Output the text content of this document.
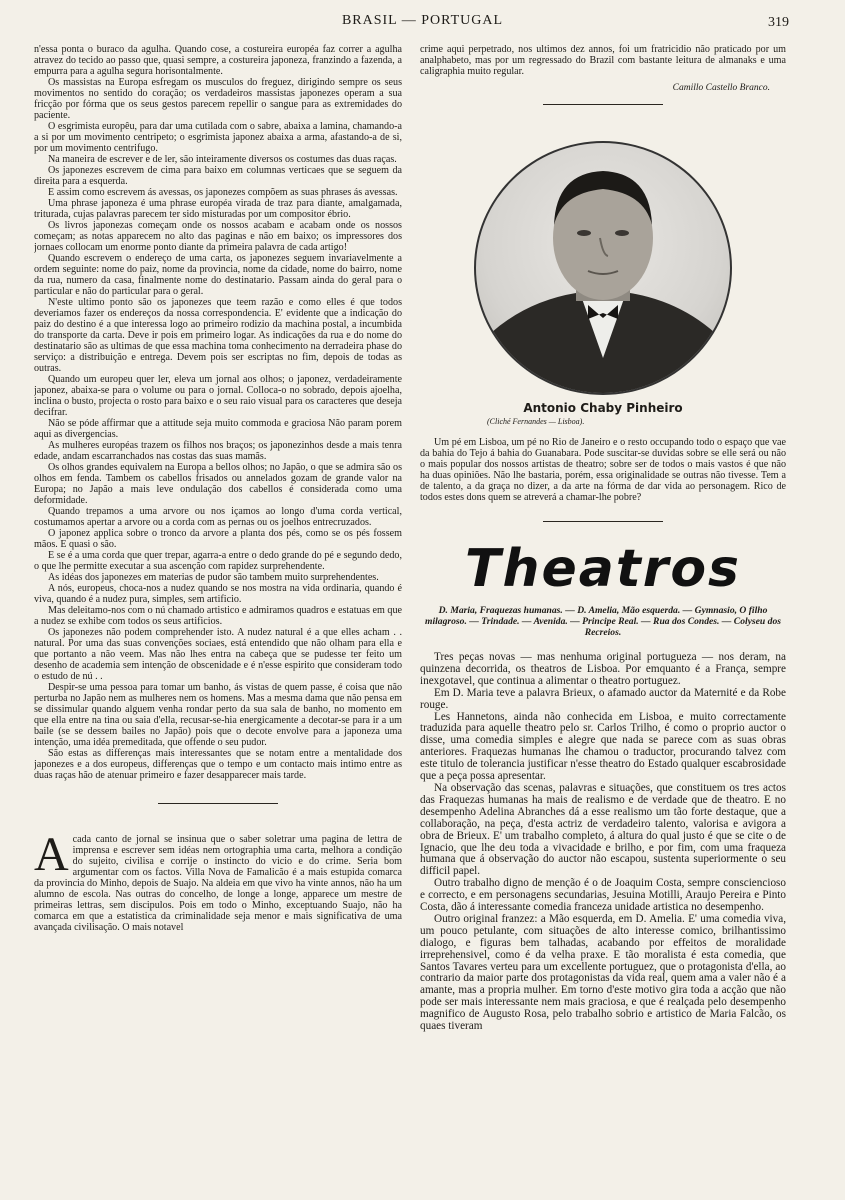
BRASIL — PORTUGAL	319

n'essa ponta o buraco da agulha. Quando cose, a costureira européa faz correr a agulha atravez do tecido ao passo que, quasi sempre, a costureira japoneza, franzindo a fazenda, a empurra para a agulha segura horisontalmente.

Os massistas na Europa esfregam os musculos do freguez, dirigindo sempre os seus movimentos no sentido do coração; os verdadeiros massistas japonezes operam a sua fricção por fórma que os seus gestos parecem repellir o sangue para as extremidades do paciente.

O esgrimista europêu, para dar uma cutilada com o sabre, abaixa a lamina, chamando-a a si por um movimento centripeto; o esgrimista japonez abaixa a arma, afastando-a de si, por um movimento centrifugo.

Na maneira de escrever e de ler, são inteiramente diversos os costumes das duas raças.

Os japonezes escrevem de cima para baixo em columnas verticaes que se seguem da direita para a esquerda.

E assim como escrevem ás avessas, os japonezes compõem as suas phrases ás avessas.

Uma phrase japoneza é uma phrase européa virada de traz para diante, amalgamada, triturada, cujas palavras parecem ter sido misturadas por um compositor ébrio.

Os livros japonezas começam onde os nossos acabam e acabam onde os nossos começam; as notas apparecem no alto das paginas e não em baixo; os impressores dos jornaes collocam um enorme ponto diante da primeira palavra de cada artigo!

Quando escrevem o endereço de uma carta, os japonezes seguem invariavelmente a ordem seguinte: nome do paiz, nome da provincia, nome da cidade, nome do bairro, nome da rua, numero da casa, finalmente nome do destinatario. Passam ainda do geral para o particular e não do particular para o geral.

N'este ultimo ponto são os japonezes que teem razão e como elles é que todos deveriamos fazer os endereços da nossa correspondencia. E' evidente que a indicação do paiz do destino é a que interessa logo ao primeiro rodizio da machina postal, a incumbida do transporte da carta. Deve ir pois em primeiro logar. As indicações da rua e do nome do destinatario são as ultimas de que essa machina toma conhecimento na derradeira phase do serviço: a distribuição e entrega. Devem pois ser escriptas no fim, depois de todas as outras.

Quando um europeu quer ler, eleva um jornal aos olhos; o japonez, verdadeiramente japonez, abaixa-se para o volume ou para o jornal. Colloca-o no sobrado, depois ajoelha, inclina o busto, projecta o rosto para baixo e o seu raio visual para os caracteres que deseja decifrar.

Não se póde affirmar que a attitude seja muito commoda e graciosa Não param porem aqui as divergencias.

As mulheres européas trazem os filhos nos braços; os japonezinhos desde a mais tenra edade, andam escarranchados nas costas das suas mamãs.

Os olhos grandes equivalem na Europa a bellos olhos; no Japão, o que se admira são os olhos em fenda. Tambem os cabellos frisados ou annelados gozam de grande valor na Europa; no Japão a mais leve ondulação dos cabellos é considerada como uma deformidade.

Quando trepamos a uma arvore ou nos içamos ao longo d'uma corda vertical, costumamos apertar a arvore ou a corda com as pernas ou os joelhos entrecruzados.

O japonez applica sobre o tronco da arvore a planta dos pés, como se os pés fossem mãos. E quasi o são.

E se é a uma corda que quer trepar, agarra-a entre o dedo grande do pé e segundo dedo, o que lhe permitte executar a sua ascenção com rapidez surprehendente.

As idéas dos japonezes em materias de pudor são tambem muito surprehendentes.

A nós, europeus, choca-nos a nudez quando se nos mostra na vida ordinaria, quando é viva, quando é a nudez pura, simples, sem artificio.

Mas deleitamo-nos com o nú chamado artistico e admiramos quadros e estatuas em que a nudez se exhibe com todos os seus artificios.

Os japonezes não podem comprehender isto. A nudez natural é a que elles acham . . natural. Por uma das suas convenções sociaes, está entendido que não olham para ella e que portanto a não veem. Mas não lhes entra na cabeça que se pudesse ter feito um desenho de academia sem intenção de obscenidade e é n'esse espirito que consideram todo o estudo de nú . .

Despir-se uma pessoa para tomar um banho, ás vistas de quem passe, é coisa que não perturba no Japão nem as mulheres nem os homens. Mas a mesma dama que não pensa em se dissimular quando alguem venha rondar perto da sua sala de banho, no momento em que ella entre na tina ou saia d'ella, recusar-se-hia energicamente a decotar-se para ir a um baile (se se dessem bailes no Japão) pois que o decote envolve para a japoneza uma intenção, uma idéa premeditada, que offende o seu pudor.

São estas as differenças mais interessantes que se notam entre a mentalidade dos japonezes e a dos europeus, differenças que o tempo e um contacto mais intimo entre as duas raças hão de atenuar primeiro e fazer desapparecer mais tarde.

A cada canto de jornal se insinua que o saber soletrar uma pagina de lettra de imprensa e escrever sem idéas nem ortographia uma carta, melhora a condição do sujeito, civilisa e corrije o instincto do vicio e do crime. Seria bom argumentar com os factos. Villa Nova de Famalicão é a mais estupida comarca da provincia do Minho, depois de Suajo. Na aldeia em que vivo ha vinte annos, não ha um alumno de escola. Nas outras do concelho, de longe a longe, apparece um mestre de primeiras lettras, sem discipulos. Pois em todo o Minho, exceptuando Suajo, não ha comarca em que a estatistica da criminalidade seja menor e mais significativa de uma avançada civilisação. O mais notavel

crime aqui perpetrado, nos ultimos dez annos, foi um fratricidio não praticado por um analphabeto, mas por um regressado do Brazil com bastante leitura de almanaks e uma caligraphia muito regular.

Camillo Castello Branco.
Antonio Chaby Pinheiro
(Cliché Fernandes — Lisboa).

Um pé em Lisboa, um pé no Rio de Janeiro e o resto occupando todo o espaço que vae da bahia do Tejo á bahia do Guanabara. Pode suscitar-se duvidas sobre se elle será ou não o mais popular dos nossos artistas de theatro; sobre ser de todos o mais vastos é que não ha duas opiniões. Não lhe bastaria, porém, essa originalidade se outras não tivesse. Tem a de talento, a da graça no dizer, a da arte na fórma de dar vida ao personagem. Rico de todos estes dons quem se atreverá a chamar-lhe pobre?

Theatros
D. Maria, Fraquezas humanas. — D. Amelia, Mão esquerda. — Gymnasio, O filho milagroso. — Trindade. — Avenida. — Principe Real. — Rua dos Condes. — Colyseu dos Recreios.

Tres peças novas — mas nenhuma original portugueza — nos deram, na quinzena decorrida, os theatros de Lisboa. Por emquanto é a França, sempre inexgotavel, que continua a alimentar o theatro portuguez.

Em D. Maria teve a palavra Brieux, o afamado auctor da Maternité e da Robe rouge.

Les Hannetons, ainda não conhecida em Lisboa, e muito correctamente traduzida para aquelle theatro pelo sr. Carlos Trilho, é como o proprio auctor o disse, uma comedia simples e alegre que nada se parece com as suas obras anteriores. Fraquezas humanas lhe chamou o traductor, procurando talvez com este titulo de tolerancia justificar n'esse theatro do Estado qualquer escabrosidade que a peça possa apresentar.

Na observação das scenas, palavras e situações, que constituem os tres actos das Fraquezas humanas ha mais de realismo e de verdade que de theatro. E no desempenho Adelina Abranches dá a esse realismo um tão forte destaque, que a collaboração, na peça, d'esta actriz de verdadeiro talento, valorisa e avigora a obra de Brieux. E' um trabalho completo, á altura do qual justo é que se cite o de Ignacio, que lhe deu toda a vivacidade e brilho, e por fim, com uma fraqueza humana que á observação do auctor não escapou, sustenta superiormente o seu difficil papel.

Outro trabalho digno de menção é o de Joaquim Costa, sempre consciencioso e correcto, e em personagens secundarias, Jesuina Motilli, Araujo Pereira e Pinto Costa, dão á interessante comedia franceza unidade artistica no desempenho.

Outro original franzez: a Mão esquerda, em D. Amelia. E' uma comedia viva, um pouco petulante, com situações de alto interesse comico, brilhantissimo dialogo, e figuras bem talhadas, acabando por effeitos de moralidade irreprehensivel, como é da velha praxe. E tão moralista é esta comedia, que Santos Tavares verteu para um excellente portuguez, que o protagonista d'ella, ao contrario da maior parte dos protagonistas da vida real, quem ama a valer não é a amante, mas a propria mulher. Em torno d'este motivo gira toda a acção que não pode ser mais interessante nem mais graciosa, e que é realçada pelo desempenho magnifico de Augusto Rosa, pelo trabalho sobrio e artistico de Maria Falcão, os quaes tiveram
